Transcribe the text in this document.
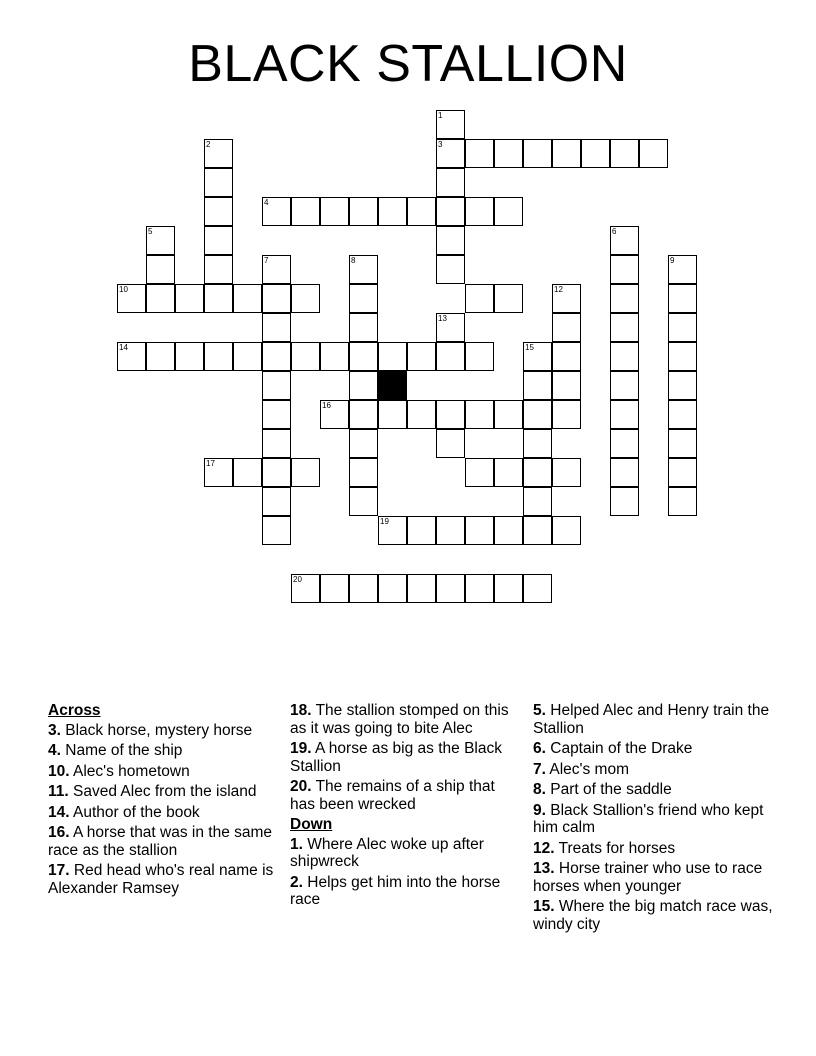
BLACK STALLION
1
3
2
4
5	6
9
7	8
10	12
13
14	15
16
17
19
20
Across
3. Black horse, mystery horse
4. Name of the ship
10. Alec's hometown
11. Saved Alec from the island
14. Author of the book
16. A horse that was in the same race as the stallion
17. Red head who's real name is Alexander Ramsey
18. The stallion stomped on this as it was going to bite Alec
19. A horse as big as the Black Stallion
20. The remains of a ship that has been wrecked
Down
1. Where Alec woke up after shipwreck
2. Helps get him into the horse race
5. Helped Alec and Henry train the Stallion
6. Captain of the Drake
7. Alec's mom
8. Part of the saddle
9. Black Stallion's friend who kept him calm
12. Treats for horses
13. Horse trainer who use to race horses when younger
15. Where the big match race was, windy city
